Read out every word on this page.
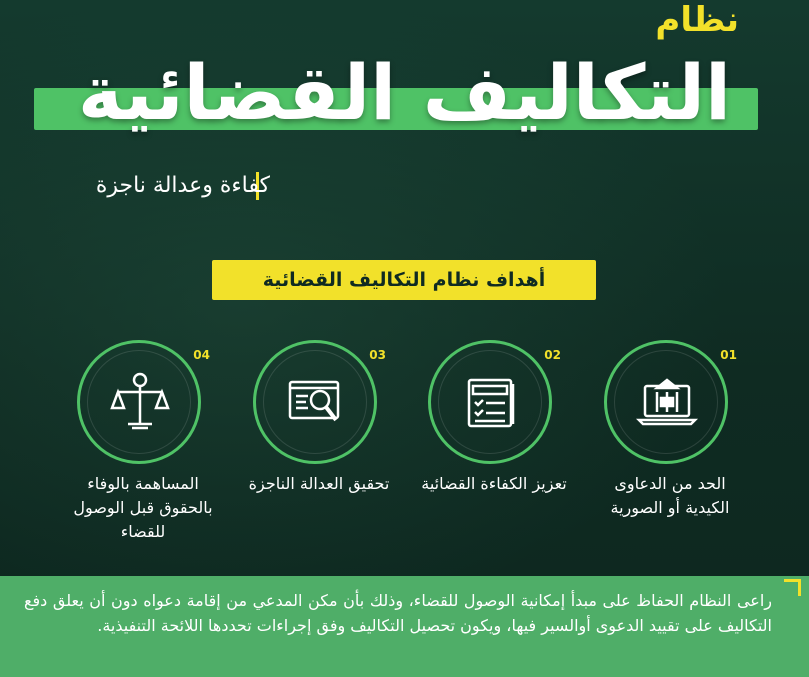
نظام
التكاليف القضائية
كفاءة وعدالة ناجزة
أهداف نظام التكاليف القضائية
01
الحد من الدعاوى الكيدية أو الصورية
02
تعزيز الكفاءة القضائية
03
تحقيق العدالة الناجزة
04
المساهمة بالوفاء بالحقوق قبل الوصول للقضاء
راعى النظام الحفاظ على مبدأ إمكانية الوصول للقضاء، وذلك بأن مكن المدعي من إقامة دعواه دون أن يعلق دفع التكاليف على تقييد الدعوى أوالسير فيها، ويكون تحصيل التكاليف وفق إجراءات تحددها اللائحة التنفيذية.
